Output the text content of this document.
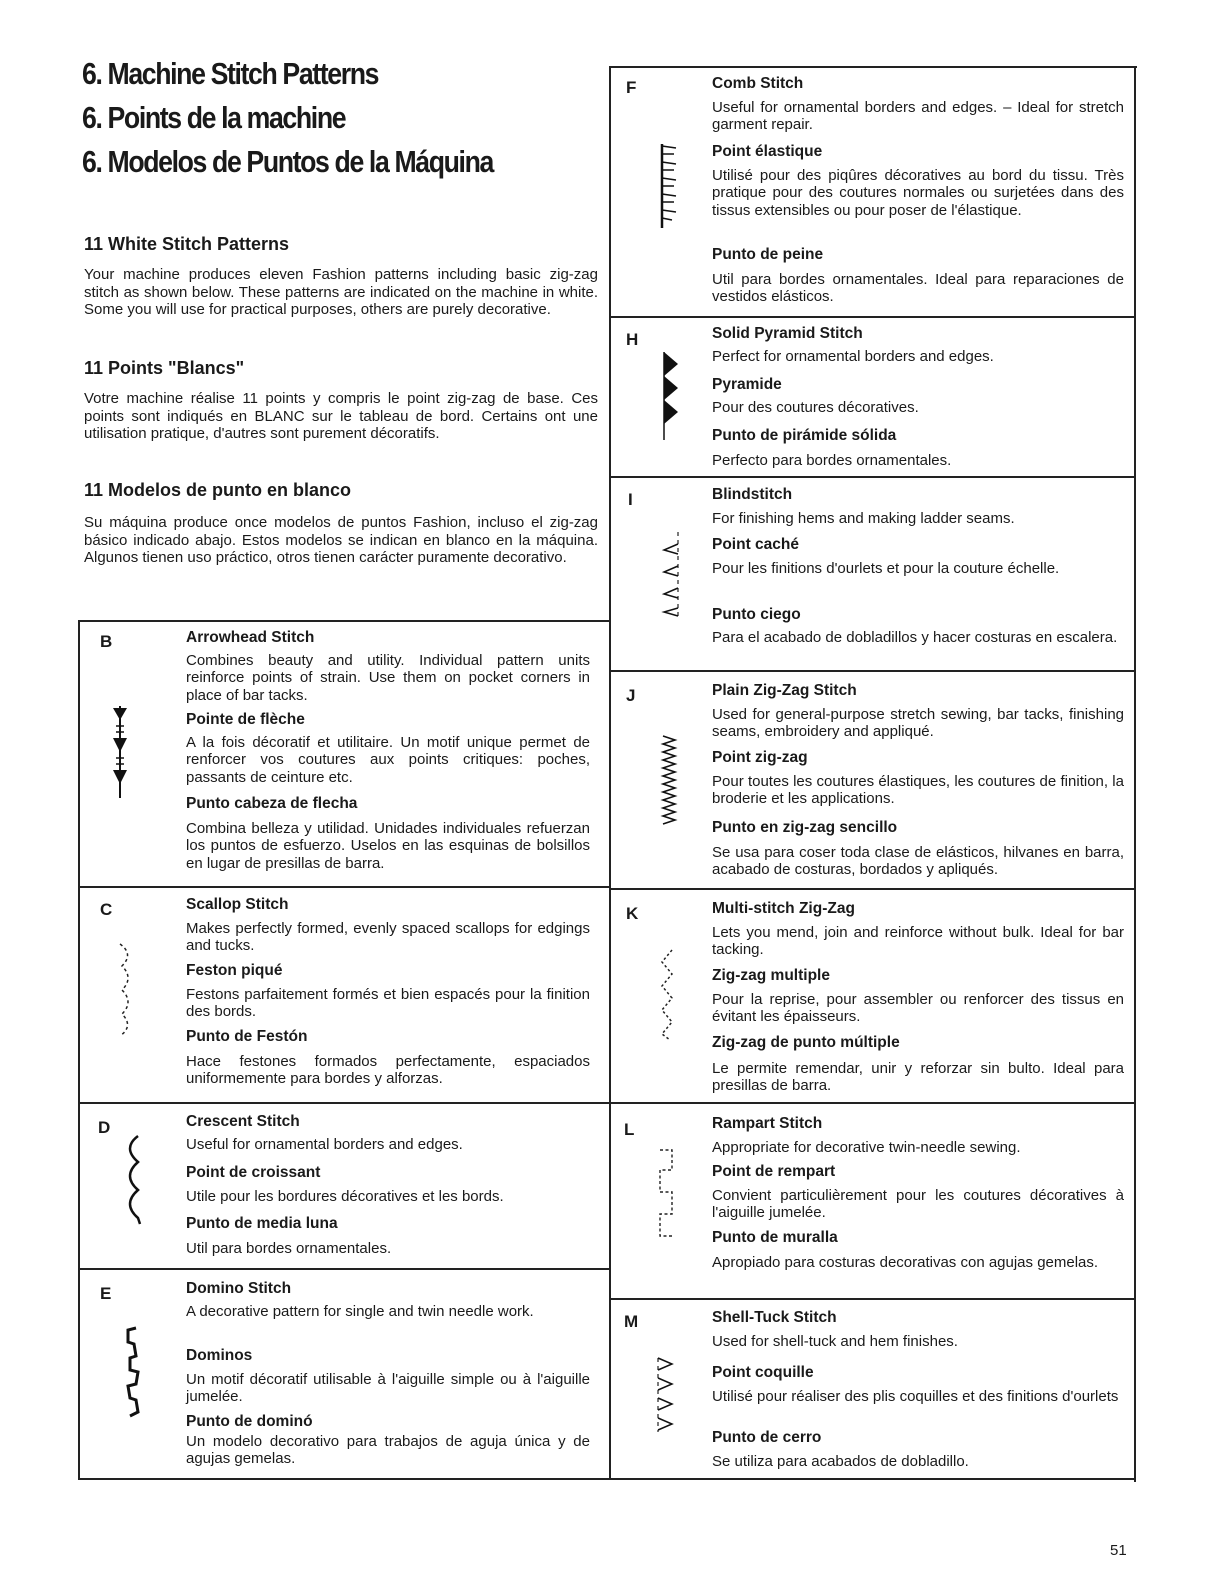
6. Machine Stitch Patterns
6. Points de la machine
6. Modelos de Puntos de la Máquina
11 White Stitch Patterns
Your machine produces eleven Fashion patterns including basic zig-zag stitch as shown below. These patterns are indicated on the machine in white. Some you will use for practical purposes, others are purely decorative.
11 Points "Blancs"
Votre machine réalise 11 points y compris le point zig-zag de base. Ces points sont indiqués en BLANC sur le tableau de bord. Certains ont une utilisation pratique, d'autres sont purement décoratifs.
11 Modelos de punto en blanco
Su máquina produce once modelos de puntos Fashion, incluso el zig-zag básico indicado abajo. Estos modelos se indican en blanco en la máquina. Algunos tienen uso práctico, otros tienen carácter puramente decorativo.
B	Arrowhead Stitch
Combines beauty and utility. Individual pattern units reinforce points of strain. Use them on pocket corners in place of bar tacks.
Pointe de flèche
A la fois décoratif et utilitaire. Un motif unique permet de renforcer vos coutures aux points critiques: poches, passants de ceinture etc.
Punto cabeza de flecha
Combina belleza y utilidad. Unidades individuales refuerzan los puntos de esfuerzo. Uselos en las esquinas de bolsillos en lugar de presillas de barra.
C	Scallop Stitch
Makes perfectly formed, evenly spaced scallops for edgings and tucks.
Feston piqué
Festons parfaitement formés et bien espacés pour la finition des bords.
Punto de Festón
Hace festones formados perfectamente, espaciados uniformemente para bordes y alforzas.
D	Crescent Stitch
Useful for ornamental borders and edges.
Point de croissant
Utile pour les bordures décoratives et les bords.
Punto de media luna
Util para bordes ornamentales.
E	Domino Stitch
A decorative pattern for single and twin needle work.
Dominos
Un motif décoratif utilisable à l'aiguille simple ou à l'aiguille jumelée.
Punto de dominó
Un modelo decorativo para trabajos de aguja única y de agujas gemelas.
F	Comb Stitch
Useful for ornamental borders and edges. – Ideal for stretch garment repair.
Point élastique
Utilisé pour des piqûres décoratives au bord du tissu. Très pratique pour des coutures normales ou surjetées dans des tissus extensibles ou pour poser de l'élastique.
Punto de peine
Util para bordes ornamentales. Ideal para reparaciones de vestidos elásticos.
H	Solid Pyramid Stitch
Perfect for ornamental borders and edges.
Pyramide
Pour des coutures décoratives.
Punto de pirámide sólida
Perfecto para bordes ornamentales.
I	Blindstitch
For finishing hems and making ladder seams.
Point caché
Pour les finitions d'ourlets et pour la couture échelle.
Punto ciego
Para el acabado de dobladillos y hacer costuras en escalera.
J	Plain Zig-Zag Stitch
Used for general-purpose stretch sewing, bar tacks, finishing seams, embroidery and appliqué.
Point zig-zag
Pour toutes les coutures élastiques, les coutures de finition, la broderie et les applications.
Punto en zig-zag sencillo
Se usa para coser toda clase de elásticos, hilvanes en barra, acabado de costuras, bordados y apliqués.
K	Multi-stitch Zig-Zag
Lets you mend, join and reinforce without bulk. Ideal for bar tacking.
Zig-zag multiple
Pour la reprise, pour assembler ou renforcer des tissus en évitant les épaisseurs.
Zig-zag de punto múltiple
Le permite remendar, unir y reforzar sin bulto. Ideal para presillas de barra.
L	Rampart Stitch
Appropriate for decorative twin-needle sewing.
Point de rempart
Convient particulièrement pour les coutures décoratives à l'aiguille jumelée.
Punto de muralla
Apropiado para costuras decorativas con agujas gemelas.
M	Shell-Tuck Stitch
Used for shell-tuck and hem finishes.
Point coquille
Utilisé pour réaliser des plis coquilles et des finitions d'ourlets
Punto de cerro
Se utiliza para acabados de dobladillo.
51
